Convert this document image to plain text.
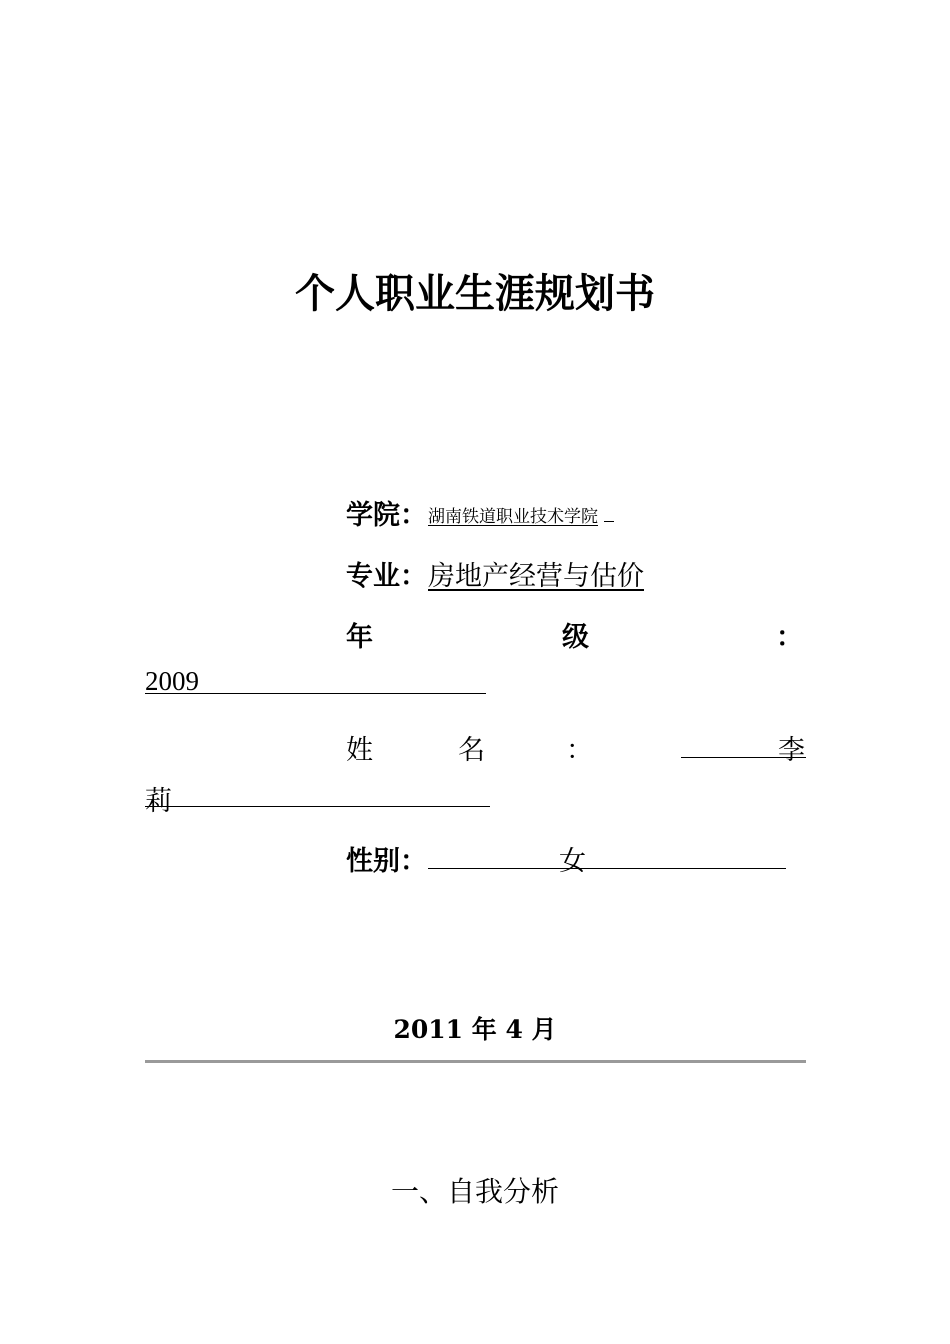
个人职业生涯规划书
学院： 湖南铁道职业技术学院
专业： 房地产经营与估价
年	级	：
2009
姓	名	：	李
莉
性别：	女
2011 年 4 月
一、自我分析
